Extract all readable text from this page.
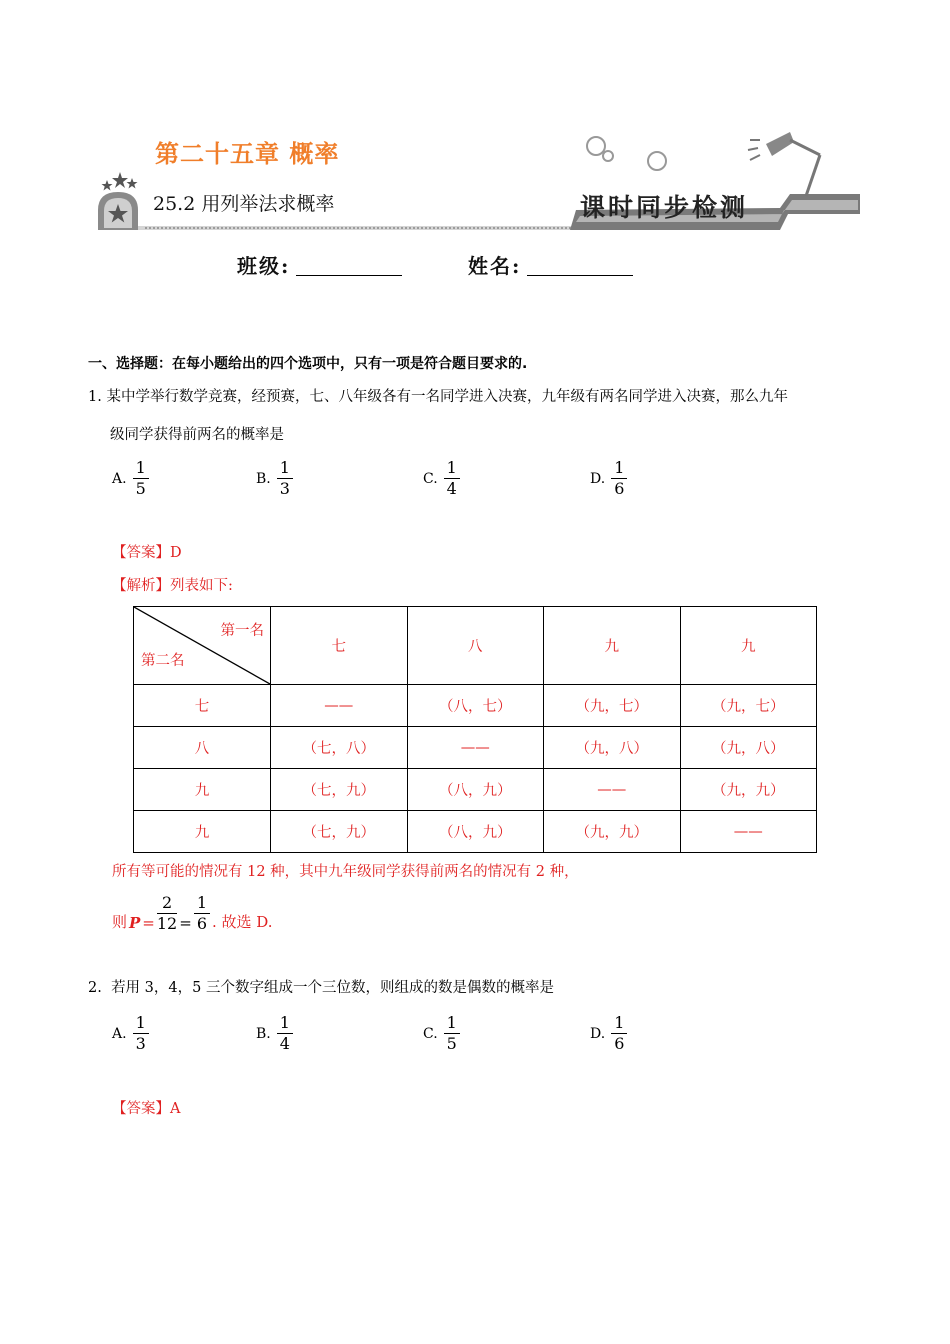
第二十五章 概率
25.2 用列举法求概率	课时同步检测
班级:	姓名:
一、选择题：在每小题给出的四个选项中，只有一项是符合题目要求的.
1. 某中学举行数学竞赛，经预赛，七、八年级各有一名同学进入决赛，九年级有两名同学进入决赛，那么九年
级同学获得前两名的概率是
A. $\frac{1}{5}$	B. $\frac{1}{3}$	C. $\frac{1}{4}$	D. $\frac{1}{6}$
【答案】D
【解析】列表如下:
第一名
第二名	七	八	九	九
七	——	（八，七）	（九，七）	（九，七）
八	（七，八）	——	（九，八）	（九，八）
九	（七，九）	（八，九）	——	（九，九）
九	（七，九）	（八，九）	（九，九）	——
所有等可能的情况有 12 种，其中九年级同学获得前两名的情况有 2 种，
则 $P = \frac{2}{12} = \frac{1}{6}$ . 故选 D.
2. 若用 3，4，5 三个数字组成一个三位数，则组成的数是偶数的概率是
A. $\frac{1}{3}$	B. $\frac{1}{4}$	C. $\frac{1}{5}$	D. $\frac{1}{6}$
【答案】A
